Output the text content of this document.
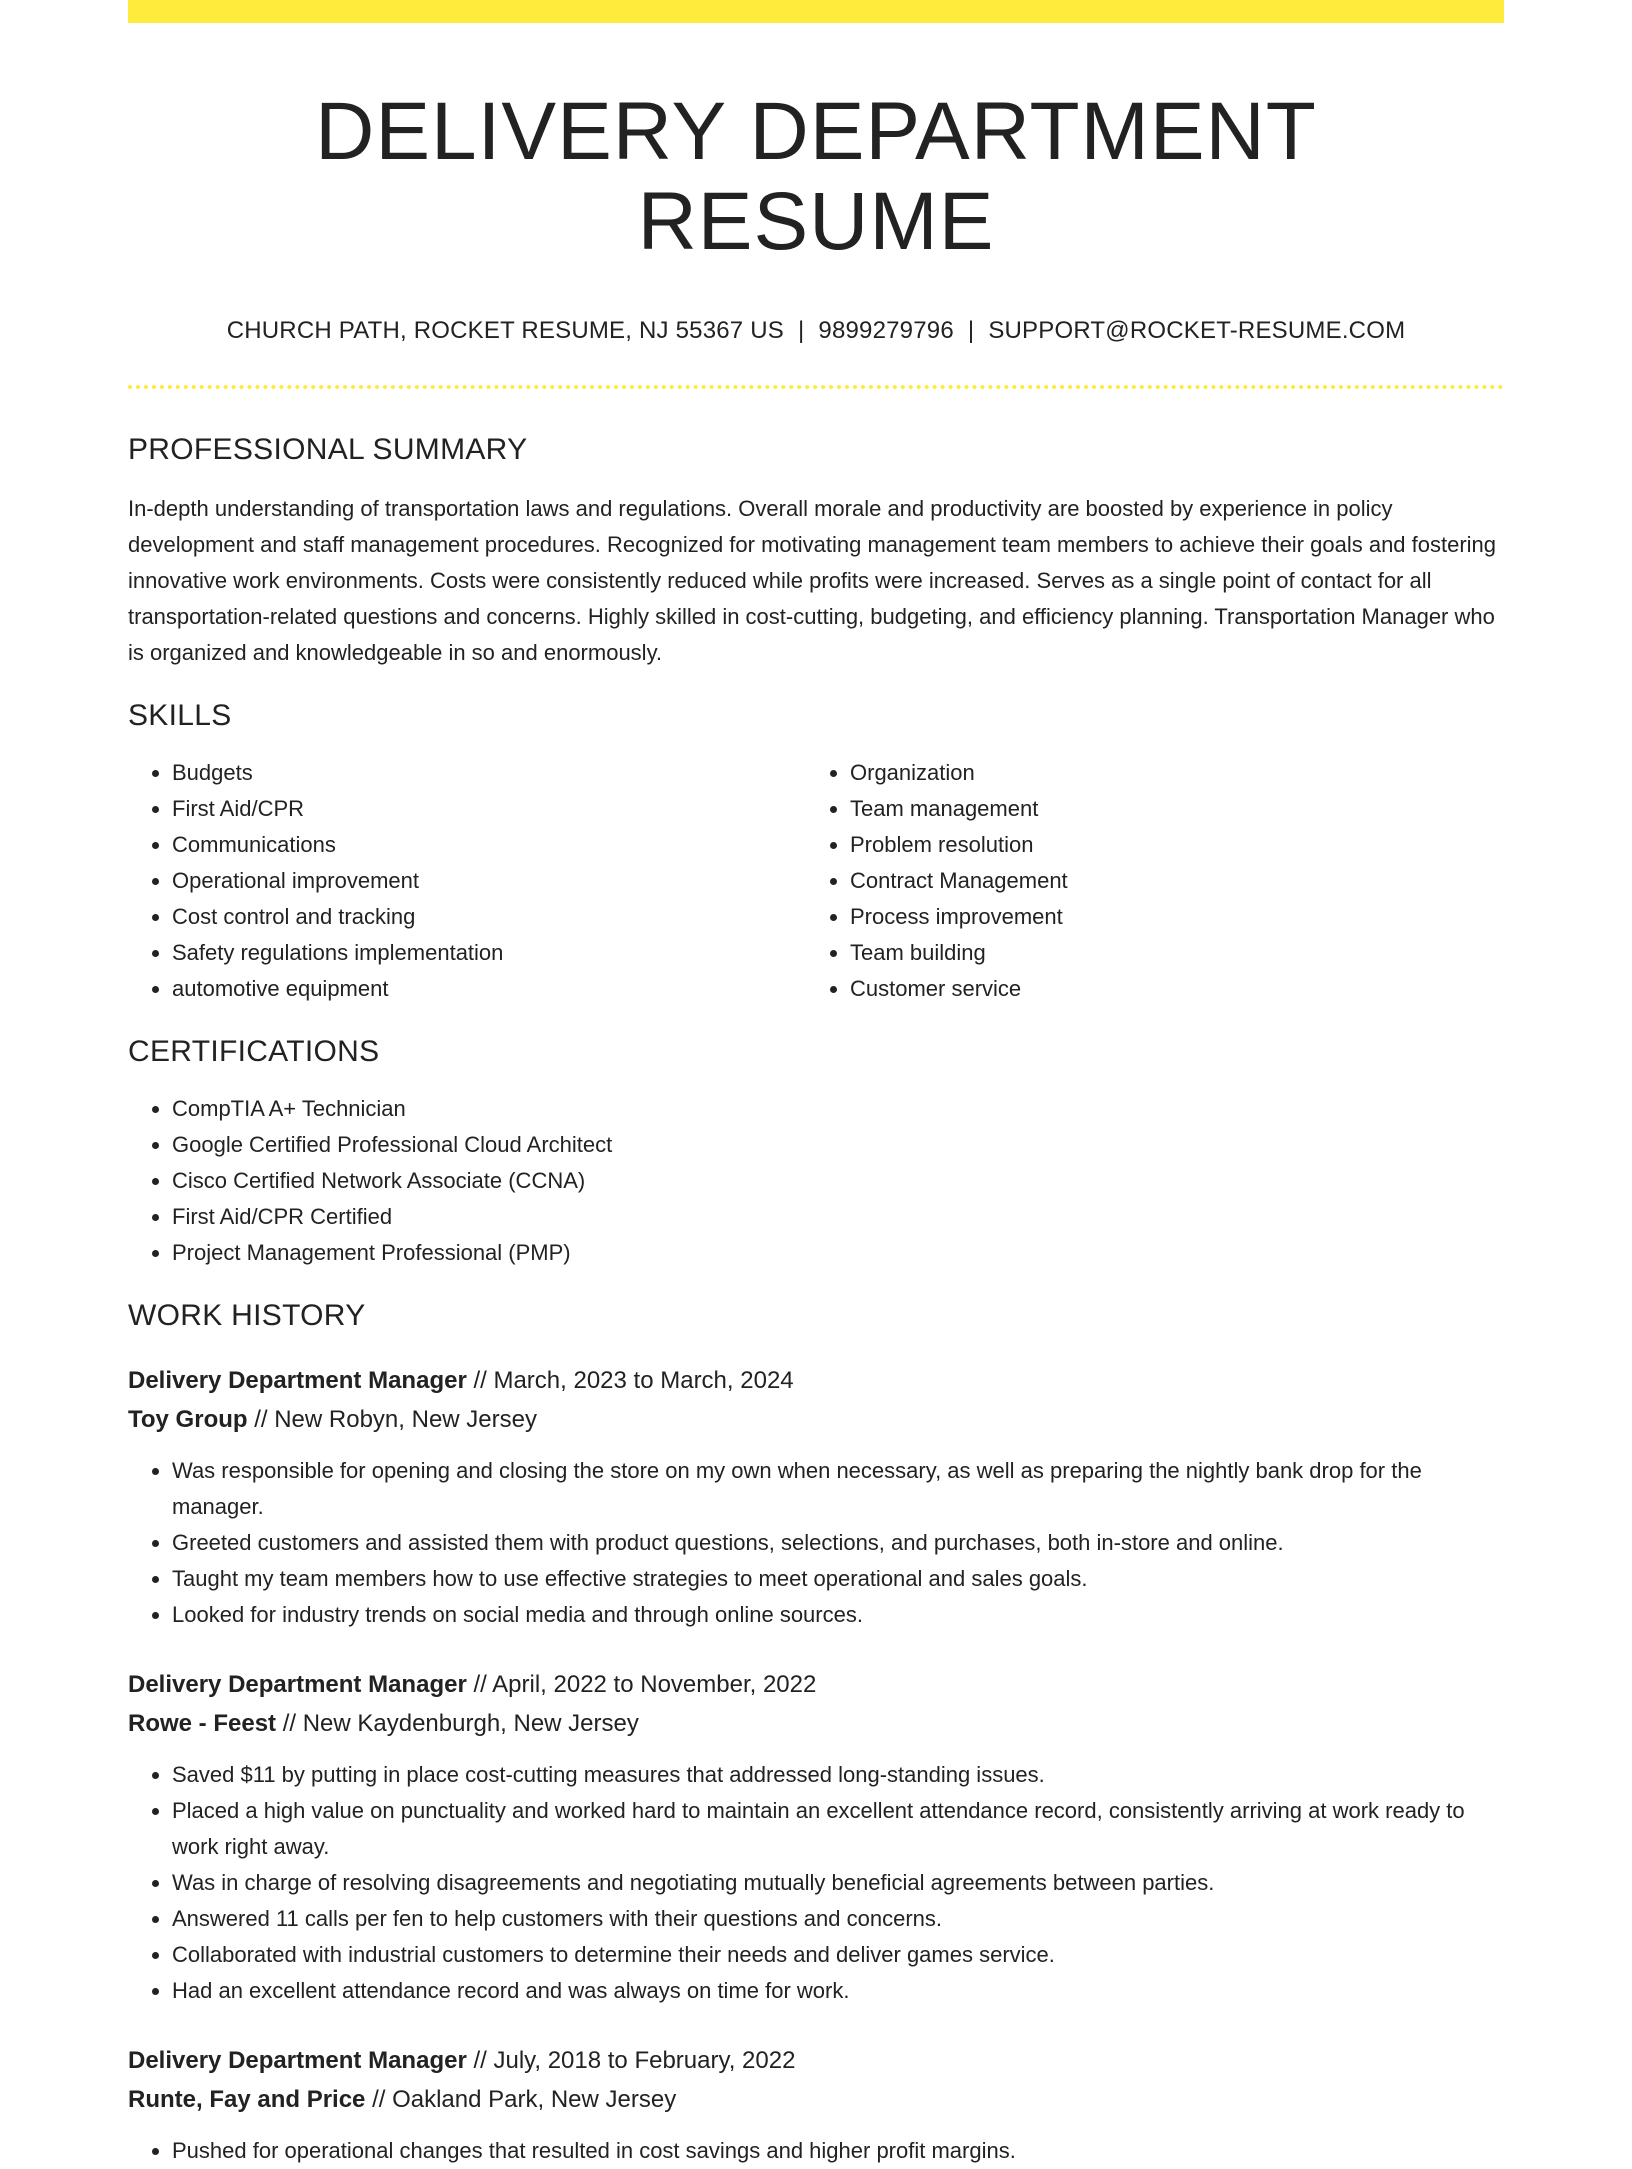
DELIVERY DEPARTMENT RESUME
CHURCH PATH, ROCKET RESUME, NJ 55367 US | 9899279796 | SUPPORT@ROCKET-RESUME.COM
PROFESSIONAL SUMMARY

In-depth understanding of transportation laws and regulations. Overall morale and productivity are boosted by experience in policy development and staff management procedures. Recognized for motivating management team members to achieve their goals and fostering innovative work environments. Costs were consistently reduced while profits were increased. Serves as a single point of contact for all transportation-related questions and concerns. Highly skilled in cost-cutting, budgeting, and efficiency planning. Transportation Manager who is organized and knowledgeable in so and enormously.

SKILLS
• Budgets
• First Aid/CPR
• Communications
• Operational improvement
• Cost control and tracking
• Safety regulations implementation
• automotive equipment
• Organization
• Team management
• Problem resolution
• Contract Management
• Process improvement
• Team building
• Customer service
CERTIFICATIONS
• CompTIA A+ Technician
• Google Certified Professional Cloud Architect
• Cisco Certified Network Associate (CCNA)
• First Aid/CPR Certified
• Project Management Professional (PMP)
WORK HISTORY
Delivery Department Manager // March, 2023 to March, 2024
Toy Group // New Robyn, New Jersey
• Was responsible for opening and closing the store on my own when necessary, as well as preparing the nightly bank drop for the manager.
• Greeted customers and assisted them with product questions, selections, and purchases, both in-store and online.
• Taught my team members how to use effective strategies to meet operational and sales goals.
• Looked for industry trends on social media and through online sources.
Delivery Department Manager // April, 2022 to November, 2022
Rowe - Feest // New Kaydenburgh, New Jersey
• Saved $11 by putting in place cost-cutting measures that addressed long-standing issues.
• Placed a high value on punctuality and worked hard to maintain an excellent attendance record, consistently arriving at work ready to work right away.
• Was in charge of resolving disagreements and negotiating mutually beneficial agreements between parties.
• Answered 11 calls per fen to help customers with their questions and concerns.
• Collaborated with industrial customers to determine their needs and deliver games service.
• Had an excellent attendance record and was always on time for work.
Delivery Department Manager // July, 2018 to February, 2022
Runte, Fay and Price // Oakland Park, New Jersey
• Pushed for operational changes that resulted in cost savings and higher profit margins.
